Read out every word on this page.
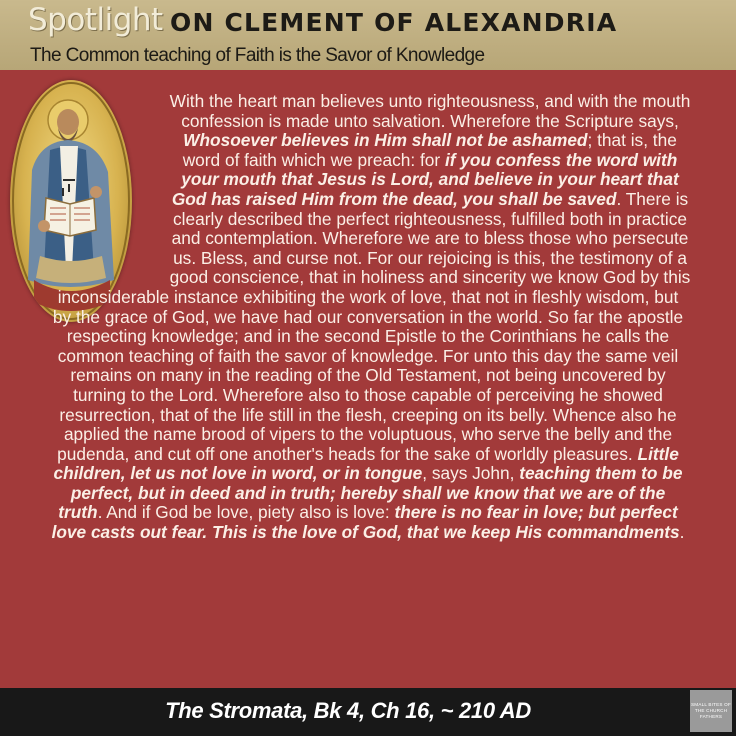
Spotlight ON CLEMENT OF ALEXANDRIA
The Common teaching of Faith is the Savor of Knowledge

With the heart man believes unto righteousness, and with the mouth
confession is made unto salvation. Wherefore the Scripture says,
Whosoever believes in Him shall not be ashamed; that is, the
word of faith which we preach: for if you confess the word with
your mouth that Jesus is Lord, and believe in your heart that
God has raised Him from the dead, you shall be saved. There is
clearly described the perfect righteousness, fulfilled both in practice
and contemplation. Wherefore we are to bless those who persecute
us. Bless, and curse not. For our rejoicing is this, the testimony of a
good conscience, that in holiness and sincerity we know God by this
inconsiderable instance exhibiting the work of love, that not in fleshly wisdom, but
by the grace of God, we have had our conversation in the world. So far the apostle
respecting knowledge; and in the second Epistle to the Corinthians he calls the
common teaching of faith the savor of knowledge. For unto this day the same veil
remains on many in the reading of the Old Testament, not being uncovered by
turning to the Lord. Wherefore also to those capable of perceiving he showed
resurrection, that of the life still in the flesh, creeping on its belly. Whence also he
applied the name brood of vipers to the voluptuous, who serve the belly and the
pudenda, and cut off one another's heads for the sake of worldly pleasures. Little
children, let us not love in word, or in tongue, says John, teaching them to be
perfect, but in deed and in truth; hereby shall we know that we are of the
truth. And if God be love, piety also is love: there is no fear in love; but perfect
love casts out fear. This is the love of God, that we keep His commandments.

The Stromata, Bk 4, Ch 16, ~ 210 AD	SMALL BITES OF
THE CHURCH
FATHERS
